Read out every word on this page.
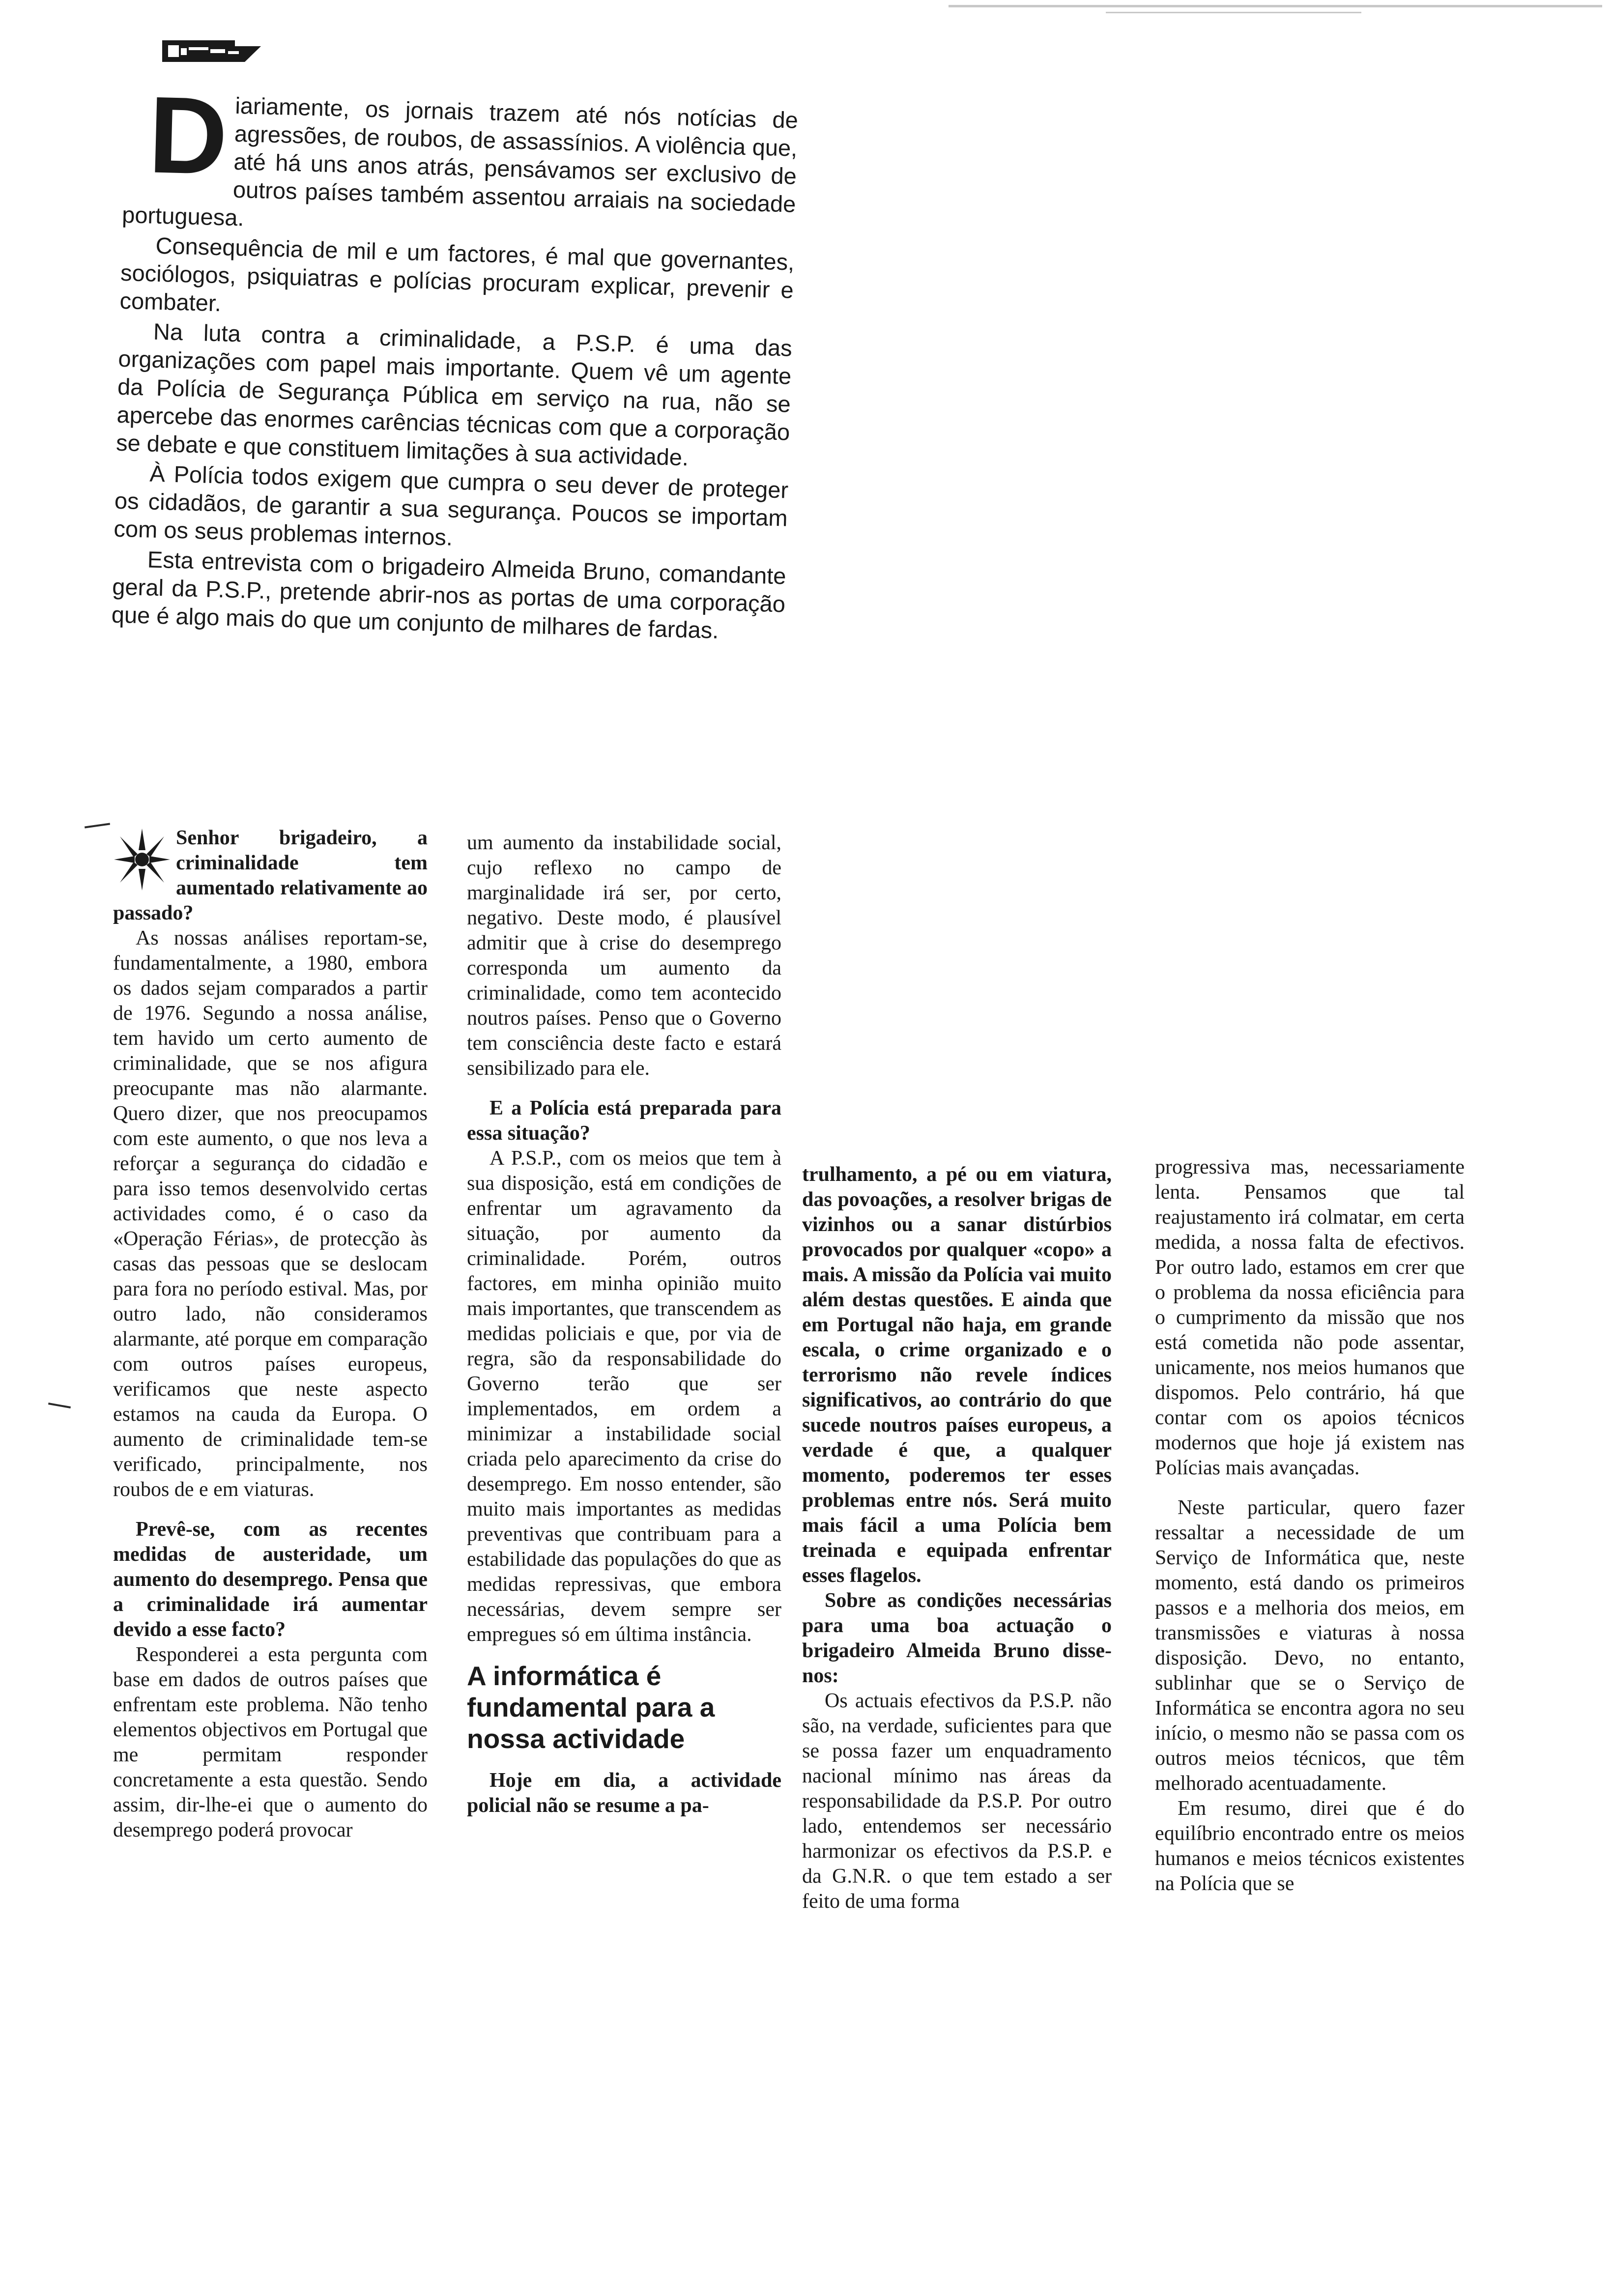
Diariamente, os jornais trazem até nós notícias de agressões, de roubos, de assassínios. A violência que, até há uns anos atrás, pensávamos ser exclusivo de outros países também assentou arraiais na sociedade portuguesa.

Consequência de mil e um factores, é mal que governantes, sociólogos, psiquiatras e polícias procuram explicar, prevenir e combater.

Na luta contra a criminalidade, a P.S.P. é uma das organizações com papel mais importante. Quem vê um agente da Polícia de Segurança Pública em serviço na rua, não se apercebe das enormes carências técnicas com que a corporação se debate e que constituem limitações à sua actividade.

À Polícia todos exigem que cumpra o seu dever de proteger os cidadãos, de garantir a sua segurança. Poucos se importam com os seus problemas internos.

Esta entrevista com o brigadeiro Almeida Bruno, comandante geral da P.S.P., pretende abrir-nos as portas de uma corporação que é algo mais do que um conjunto de milhares de fardas.

Senhor brigadeiro, a criminalidade tem aumentado relativamente ao passado?

As nossas análises reportam-se, fundamentalmente, a 1980, embora os dados sejam comparados a partir de 1976. Segundo a nossa análise, tem havido um certo aumento de criminalidade, que se nos afigura preocupante mas não alarmante. Quero dizer, que nos preocupamos com este aumento, o que nos leva a reforçar a segurança do cidadão e para isso temos desenvolvido certas actividades como, é o caso da «Operação Férias», de protecção às casas das pessoas que se deslocam para fora no período estival. Mas, por outro lado, não consideramos alarmante, até porque em comparação com outros países europeus, verificamos que neste aspecto estamos na cauda da Europa. O aumento de criminalidade tem-se verificado, principalmente, nos roubos de e em viaturas.

Prevê-se, com as recentes medidas de austeridade, um aumento do desemprego. Pensa que a criminalidade irá aumentar devido a esse facto?

Responderei a esta pergunta com base em dados de outros países que enfrentam este problema. Não tenho elementos objectivos em Portugal que me permitam responder concretamente a esta questão. Sendo assim, dir-lhe-ei que o aumento do desemprego poderá provocar

um aumento da instabilidade social, cujo reflexo no campo de marginalidade irá ser, por certo, negativo. Deste modo, é plausível admitir que à crise do desemprego corresponda um aumento da criminalidade, como tem acontecido noutros países. Penso que o Governo tem consciência deste facto e estará sensibilizado para ele.

E a Polícia está preparada para essa situação?

A P.S.P., com os meios que tem à sua disposição, está em condições de enfrentar um agravamento da situação, por aumento da criminalidade. Porém, outros factores, em minha opinião muito mais importantes, que transcendem as medidas policiais e que, por via de regra, são da responsabilidade do Governo terão que ser implementados, em ordem a minimizar a instabilidade social criada pelo aparecimento da crise do desemprego. Em nosso entender, são muito mais importantes as medidas preventivas que contribuam para a estabilidade das populações do que as medidas repressivas, que embora necessárias, devem sempre ser empregues só em última instância.

A informática é fundamental para a nossa actividade

Hoje em dia, a actividade policial não se resume a pa-

trulhamento, a pé ou em viatura, das povoações, a resolver brigas de vizinhos ou a sanar distúrbios provocados por qualquer «copo» a mais. A missão da Polícia vai muito além destas questões. E ainda que em Portugal não haja, em grande escala, o crime organizado e o terrorismo não revele índices significativos, ao contrário do que sucede noutros países europeus, a verdade é que, a qualquer momento, poderemos ter esses problemas entre nós. Será muito mais fácil a uma Polícia bem treinada e equipada enfrentar esses flagelos.

Sobre as condições necessárias para uma boa actuação o brigadeiro Almeida Bruno disse-nos:

Os actuais efectivos da P.S.P. não são, na verdade, suficientes para que se possa fazer um enquadramento nacional mínimo nas áreas da responsabilidade da P.S.P. Por outro lado, entendemos ser necessário harmonizar os efectivos da P.S.P. e da G.N.R. o que tem estado a ser feito de uma forma

progressiva mas, necessariamente lenta. Pensamos que tal reajustamento irá colmatar, em certa medida, a nossa falta de efectivos. Por outro lado, estamos em crer que o problema da nossa eficiência para o cumprimento da missão que nos está cometida não pode assentar, unicamente, nos meios humanos que dispomos. Pelo contrário, há que contar com os apoios técnicos modernos que hoje já existem nas Polícias mais avançadas.

Neste particular, quero fazer ressaltar a necessidade de um Serviço de Informática que, neste momento, está dando os primeiros passos e a melhoria dos meios, em transmissões e viaturas à nossa disposição. Devo, no entanto, sublinhar que se o Serviço de Informática se encontra agora no seu início, o mesmo não se passa com os outros meios técnicos, que têm melhorado acentuadamente.

Em resumo, direi que é do equilíbrio encontrado entre os meios humanos e meios técnicos existentes na Polícia que se
